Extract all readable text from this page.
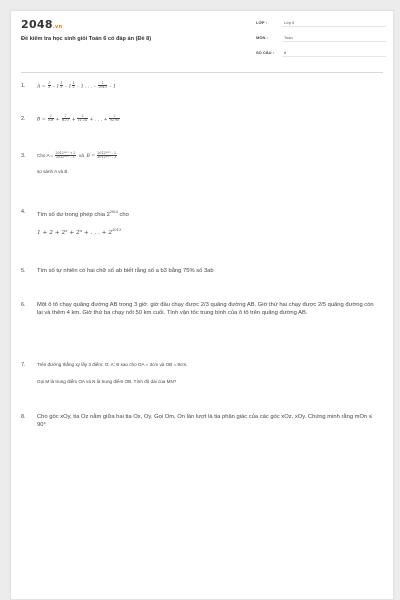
2048.vn
Đề kiểm tra học sinh giỏi Toán 6 có đáp án (Đề 8)
LỚP :	Lớp 6
MÔN :	Toán
SỐ CÂU :	8
1.	$A = \frac{1}{3} - 1 \frac{1}{2} - 1 \frac{1}{2} - 1$ . . . – $\frac{1}{2013} - 1$
2.	$B = \frac{2}{5.8} + \frac{2}{8.11} + \frac{2}{11.14}$ + . . . + $\frac{2}{92.95}$
3.	Cho $A = \frac{\text{2012²⁰¹³ + 2}}{\text{2012²⁰¹³ – 1}}$ và $B = \frac{\text{2012²⁰¹³ – 2}}{\text{2012²⁰¹³ – 3}}$
so sánh A và B
4. Tìm số dư trong phép chia $2^{2014}$ cho
1 + 2 + 2² + 2³ + . . . + $2^{2013}$
5. Tìm số tự nhiên có hai chữ số ab biết rằng số a b3 bằng 75% số 3ab
6. Một ô tô chạy quãng đường AB trong 3 giờ. giờ đầu chạy được 2/3 quãng đường AB. Giờ thứ hai chạy được 2/5 quãng đường còn lại và thêm 4 km. Giờ thứ ba chạy nốt 50 km cuối. Tính vận tốc trung bình của ô tô trên quãng đường AB.
7.	Trên đường thẳng xy lấy 3 điểm: O; A; B sao cho OA = 3cm và OB = 9cm.
Gọi M là trung điểm OA và N là trung điểm OB. Tính độ dài của MN?
8. Cho góc xOy, tia Oz nằm giữa hai tia Ox, Oy. Gọi Om, On lần lượt là tia phân giác của các góc xOz, xOy. Chứng minh rằng mOn ≤ 90°
